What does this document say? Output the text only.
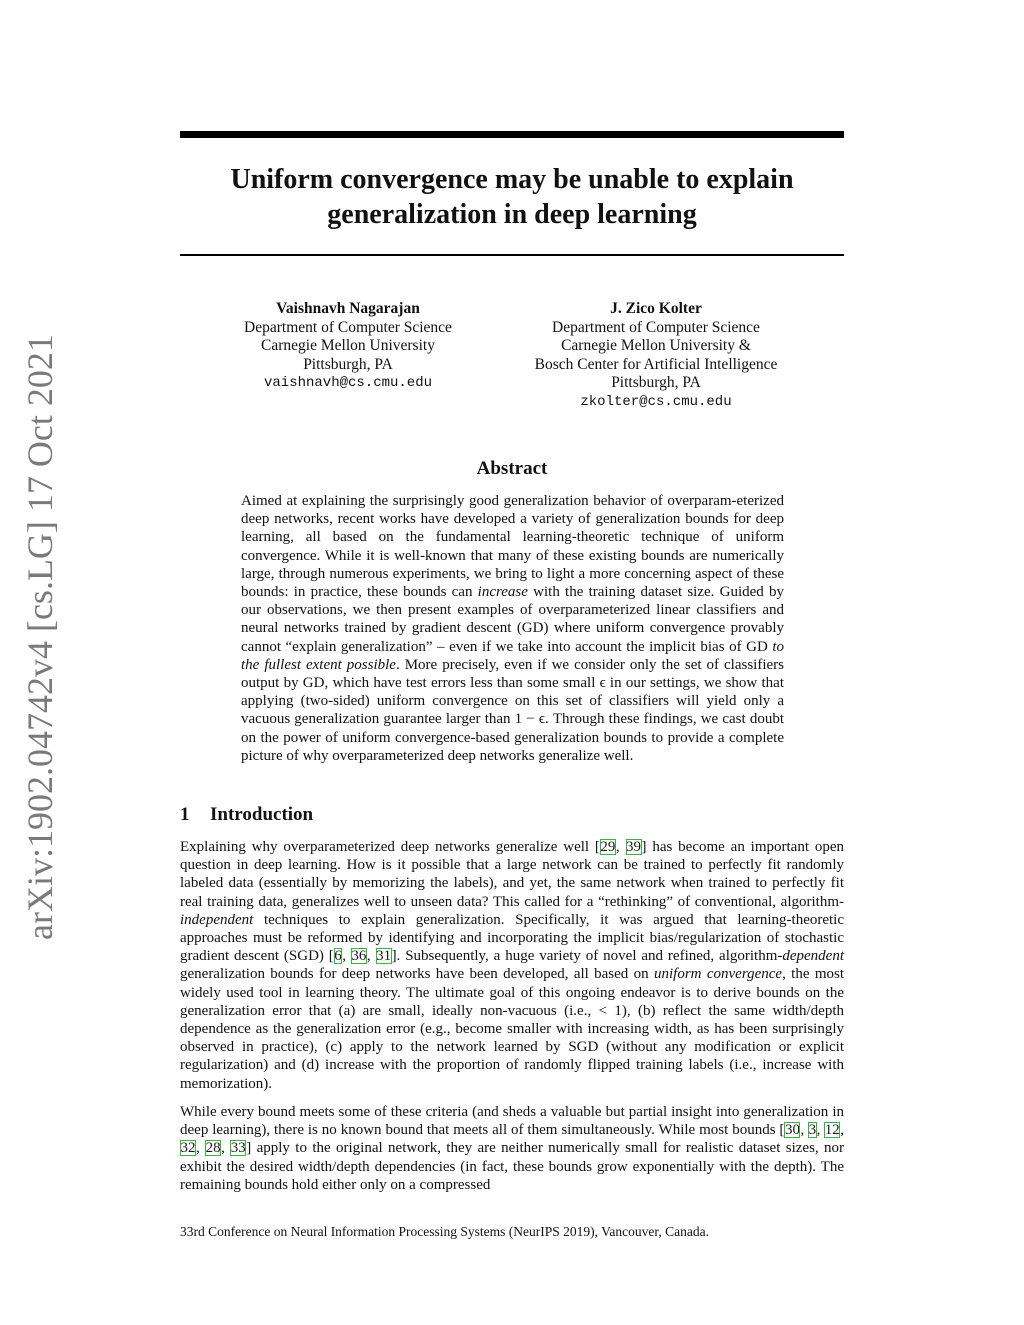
arXiv:1902.04742v4 [cs.LG] 17 Oct 2021
Uniform convergence may be unable to explain
generalization in deep learning
Vaishnavh Nagarajan
Department of Computer Science
Carnegie Mellon University
Pittsburgh, PA
vaishnavh@cs.cmu.edu
J. Zico Kolter
Department of Computer Science
Carnegie Mellon University &
Bosch Center for Artificial Intelligence
Pittsburgh, PA
zkolter@cs.cmu.edu
Abstract

Aimed at explaining the surprisingly good generalization behavior of overparam-eterized deep networks, recent works have developed a variety of generalization bounds for deep learning, all based on the fundamental learning-theoretic technique of uniform convergence. While it is well-known that many of these existing bounds are numerically large, through numerous experiments, we bring to light a more concerning aspect of these bounds: in practice, these bounds can increase with the training dataset size. Guided by our observations, we then present examples of overparameterized linear classifiers and neural networks trained by gradient descent (GD) where uniform convergence provably cannot “explain generalization” – even if we take into account the implicit bias of GD to the fullest extent possible. More precisely, even if we consider only the set of classifiers output by GD, which have test errors less than some small ϵ in our settings, we show that applying (two-sided) uniform convergence on this set of classifiers will yield only a vacuous generalization guarantee larger than 1 − ϵ. Through these findings, we cast doubt on the power of uniform convergence-based generalization bounds to provide a complete picture of why overparameterized deep networks generalize well.

1 Introduction

Explaining why overparameterized deep networks generalize well [29, 39] has become an important open question in deep learning. How is it possible that a large network can be trained to perfectly fit randomly labeled data (essentially by memorizing the labels), and yet, the same network when trained to perfectly fit real training data, generalizes well to unseen data? This called for a “rethinking” of conventional, algorithm-independent techniques to explain generalization. Specifically, it was argued that learning-theoretic approaches must be reformed by identifying and incorporating the implicit bias/regularization of stochastic gradient descent (SGD) [6, 36, 31]. Subsequently, a huge variety of novel and refined, algorithm-dependent generalization bounds for deep networks have been developed, all based on uniform convergence, the most widely used tool in learning theory. The ultimate goal of this ongoing endeavor is to derive bounds on the generalization error that (a) are small, ideally non-vacuous (i.e., < 1), (b) reflect the same width/depth dependence as the generalization error (e.g., become smaller with increasing width, as has been surprisingly observed in practice), (c) apply to the network learned by SGD (without any modification or explicit regularization) and (d) increase with the proportion of randomly flipped training labels (i.e., increase with memorization).

While every bound meets some of these criteria (and sheds a valuable but partial insight into generalization in deep learning), there is no known bound that meets all of them simultaneously. While most bounds [30, 3, 12, 32, 28, 33] apply to the original network, they are neither numerically small for realistic dataset sizes, nor exhibit the desired width/depth dependencies (in fact, these bounds grow exponentially with the depth). The remaining bounds hold either only on a compressed

33rd Conference on Neural Information Processing Systems (NeurIPS 2019), Vancouver, Canada.
